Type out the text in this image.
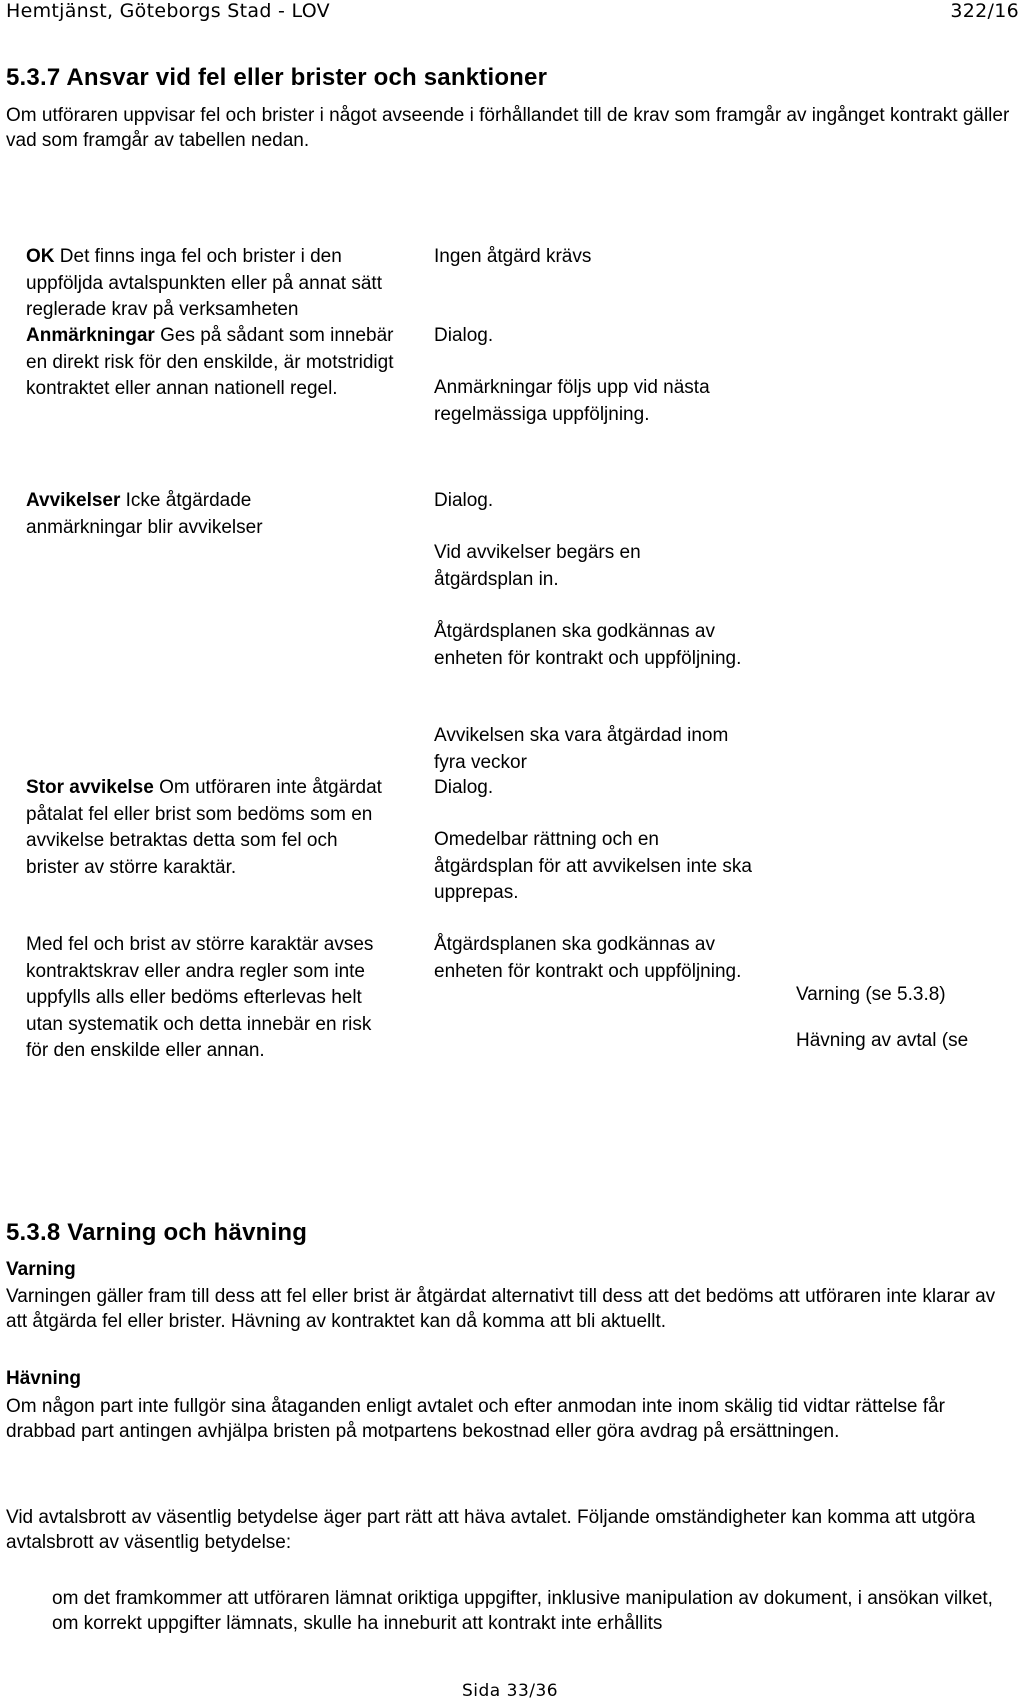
Hemtjänst, Göteborgs Stad - LOV	322/16
5.3.7 Ansvar vid fel eller brister och sanktioner
Om utföraren uppvisar fel och brister i något avseende i förhållandet till de krav som framgår av ingånget kontrakt gäller vad som framgår av tabellen nedan.
OK Det finns inga fel och brister i den uppföljda avtalspunkten eller på annat sätt reglerade krav på verksamheten
Ingen åtgärd krävs
Anmärkningar Ges på sådant som innebär en direkt risk för den enskilde, är motstridigt kontraktet eller annan nationell regel.
Dialog.
Anmärkningar följs upp vid nästa regelmässiga uppföljning.
Avvikelser Icke åtgärdade anmärkningar blir avvikelser
Dialog.
Vid avvikelser begärs en åtgärdsplan in.
Åtgärdsplanen ska godkännas av enheten för kontrakt och uppföljning.
Avvikelsen ska vara åtgärdad inom fyra veckor

Stor avvikelse Om utföraren inte åtgärdat påtalat fel eller brist som bedöms som en avvikelse betraktas detta som fel och brister av större karaktär.

Med fel och brist av större karaktär avses kontraktskrav eller andra regler som inte uppfylls alls eller bedöms efterlevas helt utan systematik och detta innebär en risk för den enskilde eller annan.
Dialog.
Omedelbar rättning och en åtgärdsplan för att avvikelsen inte ska upprepas.
Åtgärdsplanen ska godkännas av enheten för kontrakt och uppföljning.
Varning (se 5.3.8)
Hävning av avtal (se
5.3.8 Varning och hävning
Varning
Varningen gäller fram till dess att fel eller brist är åtgärdat alternativt till dess att det bedöms att utföraren inte klarar av att åtgärda fel eller brister. Hävning av kontraktet kan då komma att bli aktuellt.
Hävning
Om någon part inte fullgör sina åtaganden enligt avtalet och efter anmodan inte inom skälig tid vidtar rättelse får drabbad part antingen avhjälpa bristen på motpartens bekostnad eller göra avdrag på ersättningen.
Vid avtalsbrott av väsentlig betydelse äger part rätt att häva avtalet. Följande omständigheter kan komma att utgöra avtalsbrott av väsentlig betydelse:
om det framkommer att utföraren lämnat oriktiga uppgifter, inklusive manipulation av dokument, i ansökan vilket, om korrekt uppgifter lämnats, skulle ha inneburit att kontrakt inte erhållits
Sida 33/36
